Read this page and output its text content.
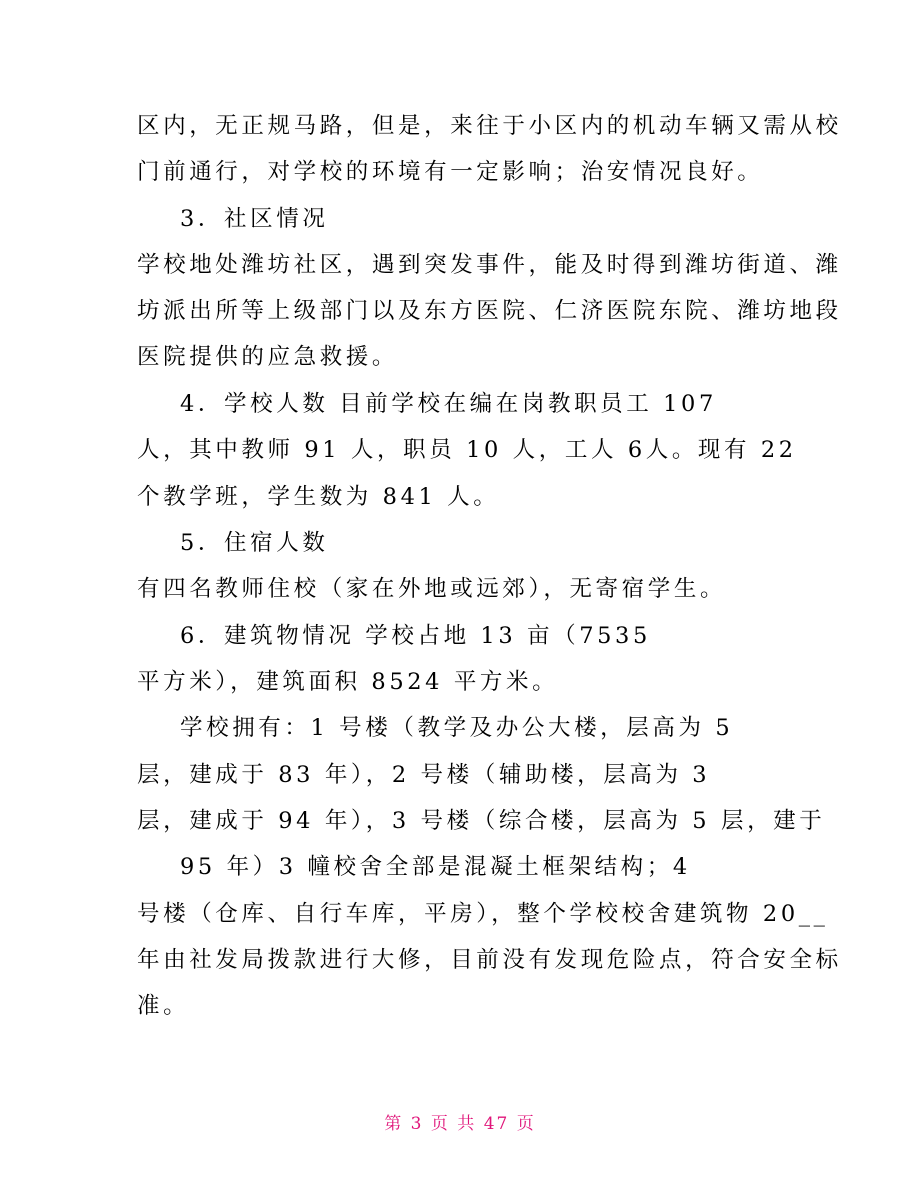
区内，无正规马路，但是，来往于小区内的机动车辆又需从校
门前通行，对学校的环境有一定影响；治安情况良好。
3．社区情况
学校地处潍坊社区，遇到突发事件，能及时得到潍坊街道、潍
坊派出所等上级部门以及东方医院、仁济医院东院、潍坊地段
医院提供的应急救援。
4．学校人数 目前学校在编在岗教职员工 107
人，其中教师 91 人，职员 10 人，工人 6人。现有 22
个教学班，学生数为 841 人。
5．住宿人数
有四名教师住校（家在外地或远郊），无寄宿学生。
6．建筑物情况 学校占地 13 亩（7535
平方米），建筑面积 8524 平方米。
学校拥有：1 号楼（教学及办公大楼，层高为 5
层，建成于 83 年），2 号楼（辅助楼，层高为 3
层，建成于 94 年），3 号楼（综合楼，层高为 5 层，建于
95 年）3 幢校舍全部是混凝土框架结构；4
号楼（仓库、自行车库，平房），整个学校校舍建筑物 20__
年由社发局拨款进行大修，目前没有发现危险点，符合安全标
准。
第 3 页 共 47 页
